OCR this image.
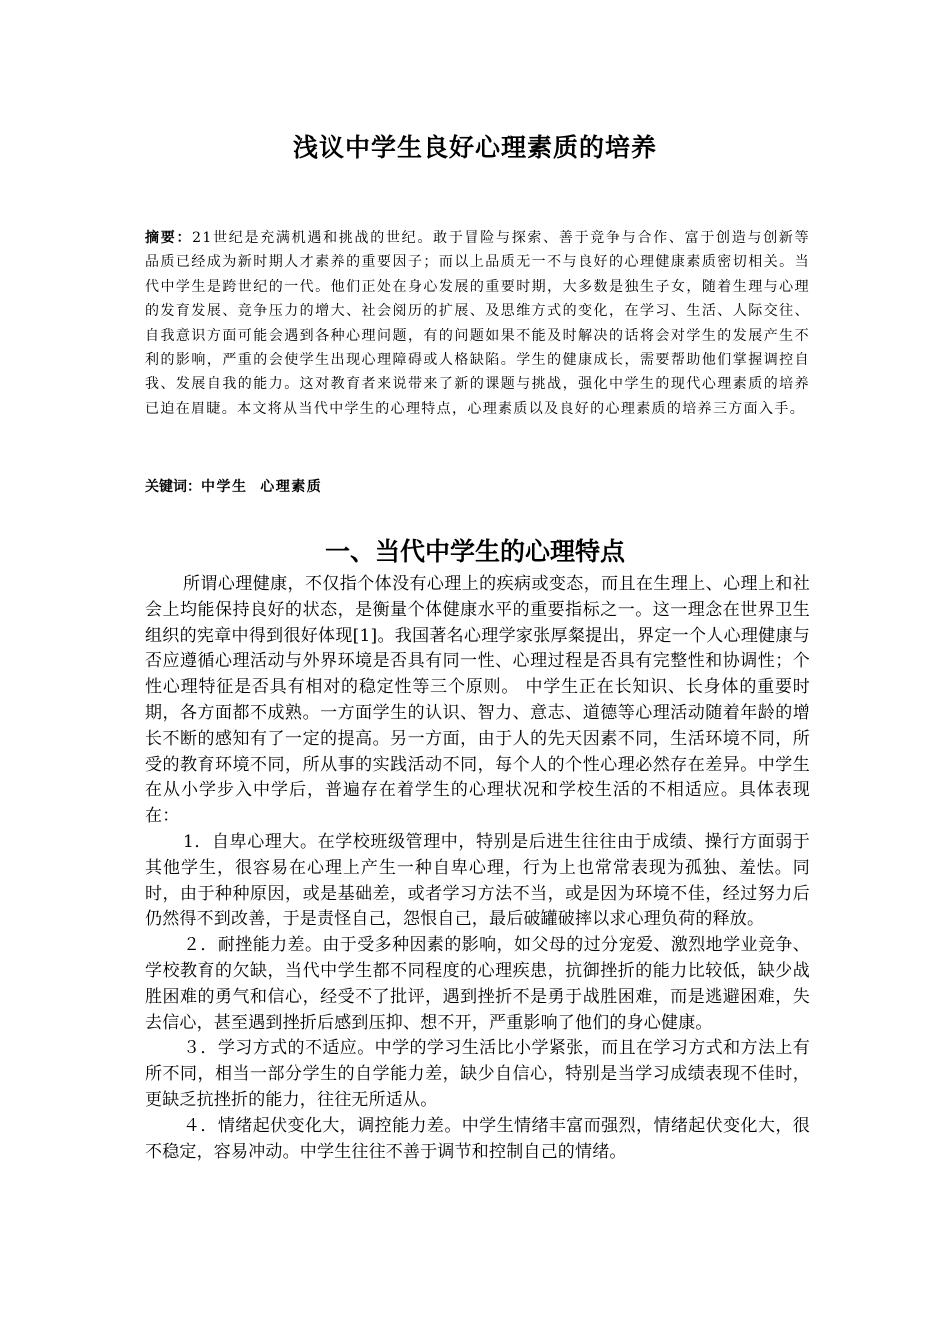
浅议中学生良好心理素质的培养

摘要：21世纪是充满机遇和挑战的世纪。敢于冒险与探索、善于竞争与合作、富于创造与创新等品质已经成为新时期人才素养的重要因子；而以上品质无一不与良好的心理健康素质密切相关。当代中学生是跨世纪的一代。他们正处在身心发展的重要时期，大多数是独生子女，随着生理与心理的发育发展、竞争压力的增大、社会阅历的扩展、及思维方式的变化，在学习、生活、人际交往、自我意识方面可能会遇到各种心理问题，有的问题如果不能及时解决的话将会对学生的发展产生不利的影响，严重的会使学生出现心理障碍或人格缺陷。学生的健康成长，需要帮助他们掌握调控自我、发展自我的能力。这对教育者来说带来了新的课题与挑战，强化中学生的现代心理素质的培养已迫在眉睫。本文将从当代中学生的心理特点，心理素质以及良好的心理素质的培养三方面入手。

关键词：中学生  心理素质

一、当代中学生的心理特点

所谓心理健康，不仅指个体没有心理上的疾病或变态，而且在生理上、心理上和社会上均能保持良好的状态，是衡量个体健康水平的重要指标之一。这一理念在世界卫生组织的宪章中得到很好体现[1]。我国著名心理学家张厚粲提出，界定一个人心理健康与否应遵循心理活动与外界环境是否具有同一性、心理过程是否具有完整性和协调性；个性心理特征是否具有相对的稳定性等三个原则。 中学生正在长知识、长身体的重要时期，各方面都不成熟。一方面学生的认识、智力、意志、道德等心理活动随着年龄的增长不断的感知有了一定的提高。另一方面，由于人的先天因素不同，生活环境不同，所受的教育环境不同，所从事的实践活动不同，每个人的个性心理必然存在差异。中学生在从小学步入中学后，普遍存在着学生的心理状况和学校生活的不相适应。具体表现在：

1．自卑心理大。在学校班级管理中，特别是后进生往往由于成绩、操行方面弱于其他学生，很容易在心理上产生一种自卑心理，行为上也常常表现为孤独、羞怯。同时，由于种种原因，或是基础差，或者学习方法不当，或是因为环境不佳，经过努力后仍然得不到改善，于是责怪自己，怨恨自己，最后破罐破摔以求心理负荷的释放。

２．耐挫能力差。由于受多种因素的影响，如父母的过分宠爱、激烈地学业竞争、学校教育的欠缺，当代中学生都不同程度的心理疾患，抗御挫折的能力比较低，缺少战胜困难的勇气和信心，经受不了批评，遇到挫折不是勇于战胜困难，而是逃避困难，失去信心，甚至遇到挫折后感到压抑、想不开，严重影响了他们的身心健康。

３．学习方式的不适应。中学的学习生活比小学紧张，而且在学习方式和方法上有所不同，相当一部分学生的自学能力差，缺少自信心，特别是当学习成绩表现不佳时，更缺乏抗挫折的能力，往往无所适从。

４．情绪起伏变化大，调控能力差。中学生情绪丰富而强烈，情绪起伏变化大，很不稳定，容易冲动。中学生往往不善于调节和控制自己的情绪。
